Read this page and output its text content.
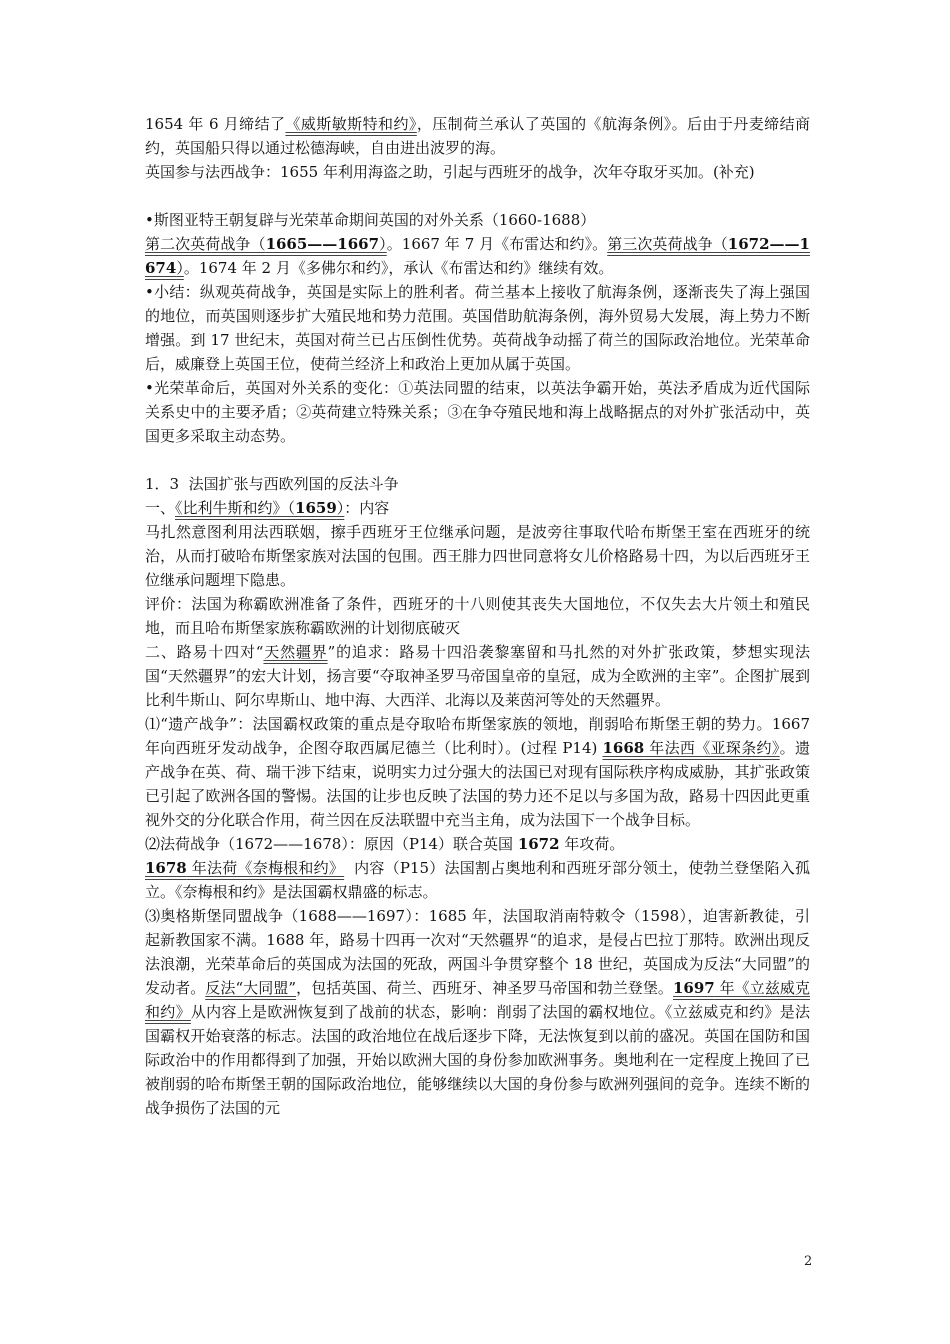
1654 年 6 月缔结了《威斯敏斯特和约》，压制荷兰承认了英国的《航海条例》。后由于丹麦缔结商约，英国船只得以通过松德海峡，自由进出波罗的海。

英国参与法西战争：1655 年利用海盗之助，引起与西班牙的战争，次年夺取牙买加。(补充)

•斯图亚特王朝复辟与光荣革命期间英国的对外关系（1660-1688）

第二次英荷战争（1665——1667）。1667 年 7 月《布雷达和约》。第三次英荷战争（1672——1674）。1674 年 2 月《多佛尔和约》，承认《布雷达和约》继续有效。

•小结：纵观英荷战争，英国是实际上的胜利者。荷兰基本上接收了航海条例，逐渐丧失了海上强国的地位，而英国则逐步扩大殖民地和势力范围。英国借助航海条例，海外贸易大发展，海上势力不断增强。到 17 世纪末，英国对荷兰已占压倒性优势。英荷战争动摇了荷兰的国际政治地位。光荣革命后，威廉登上英国王位，使荷兰经济上和政治上更加从属于英国。

•光荣革命后，英国对外关系的变化：①英法同盟的结束，以英法争霸开始，英法矛盾成为近代国际关系史中的主要矛盾；②英荷建立特殊关系；③在争夺殖民地和海上战略据点的对外扩张活动中，英国更多采取主动态势。

1．3  法国扩张与西欧列国的反法斗争

一、《比利牛斯和约》（1659）：内容

马扎然意图利用法西联姻，擦手西班牙王位继承问题，是波旁往事取代哈布斯堡王室在西班牙的统治，从而打破哈布斯堡家族对法国的包围。西王腓力四世同意将女儿价格路易十四，为以后西班牙王位继承问题埋下隐患。

评价：法国为称霸欧洲准备了条件，西班牙的十八则使其丧失大国地位，不仅失去大片领土和殖民地，而且哈布斯堡家族称霸欧洲的计划彻底破灭

二、路易十四对“天然疆界”的追求：路易十四沿袭黎塞留和马扎然的对外扩张政策，梦想实现法国“天然疆界”的宏大计划，扬言要“夺取神圣罗马帝国皇帝的皇冠，成为全欧洲的主宰”。企图扩展到比利牛斯山、阿尔卑斯山、地中海、大西洋、北海以及莱茵河等处的天然疆界。

⑴“遗产战争”：法国霸权政策的重点是夺取哈布斯堡家族的领地，削弱哈布斯堡王朝的势力。1667 年向西班牙发动战争，企图夺取西属尼德兰（比利时）。(过程 P14) 1668 年法西《亚琛条约》。遗产战争在英、荷、瑞干涉下结束，说明实力过分强大的法国已对现有国际秩序构成威胁，其扩张政策已引起了欧洲各国的警惕。法国的让步也反映了法国的势力还不足以与多国为敌，路易十四因此更重视外交的分化联合作用，荷兰因在反法联盟中充当主角，成为法国下一个战争目标。

⑵法荷战争（1672——1678）：原因（P14）联合英国 1672 年攻荷。

1678 年法荷《奈梅根和约》  内容（P15）法国割占奥地利和西班牙部分领土，使勃兰登堡陷入孤立。《奈梅根和约》是法国霸权鼎盛的标志。

⑶奥格斯堡同盟战争（1688——1697）：1685 年，法国取消南特敕令（1598），迫害新教徒，引起新教国家不满。1688 年，路易十四再一次对“天然疆界“的追求，是侵占巴拉丁那特。欧洲出现反法浪潮，光荣革命后的英国成为法国的死敌，两国斗争贯穿整个 18 世纪，英国成为反法“大同盟”的发动者。反法“大同盟”，包括英国、荷兰、西班牙、神圣罗马帝国和勃兰登堡。1697 年《立兹威克和约》从内容上是欧洲恢复到了战前的状态，影响：削弱了法国的霸权地位。《立兹威克和约》是法国霸权开始衰落的标志。法国的政治地位在战后逐步下降，无法恢复到以前的盛况。英国在国防和国际政治中的作用都得到了加强，开始以欧洲大国的身份参加欧洲事务。奥地利在一定程度上挽回了已被削弱的哈布斯堡王朝的国际政治地位，能够继续以大国的身份参与欧洲列强间的竞争。连续不断的战争损伤了法国的元

2
